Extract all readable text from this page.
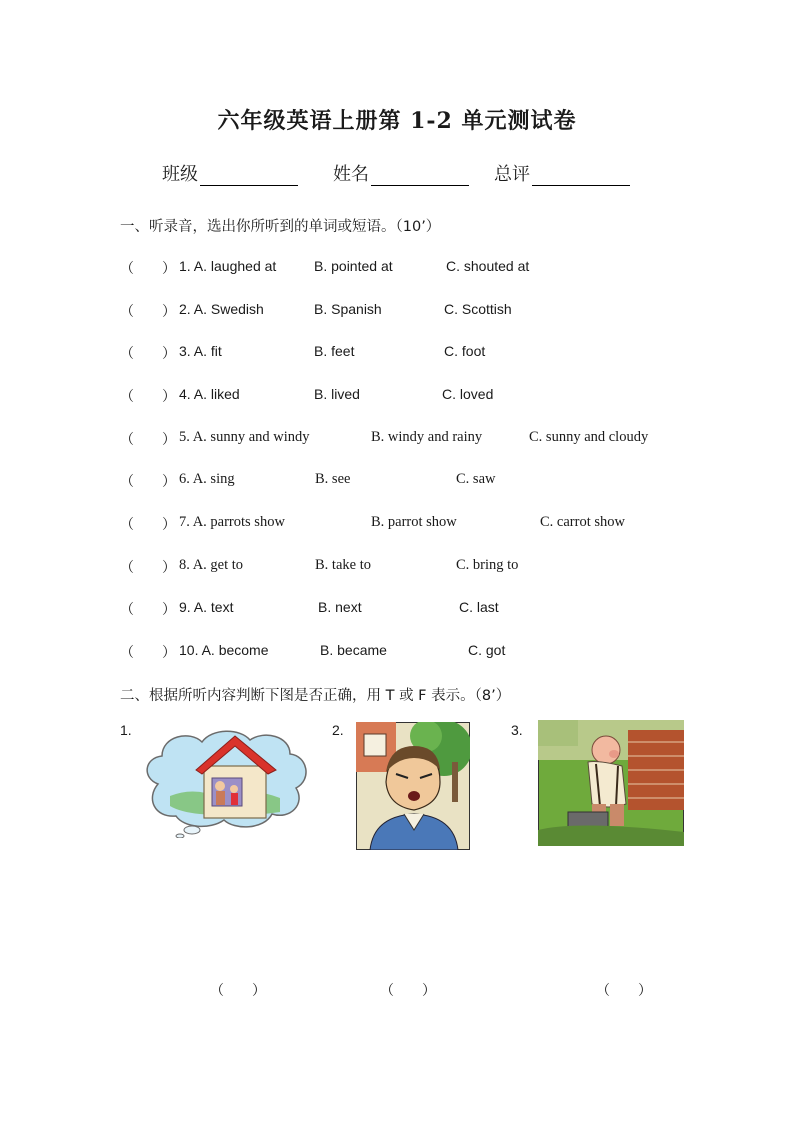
六年级英语上册第 1-2 单元测试卷
班级	姓名	总评
一、听录音，选出你所听到的单词或短语。（10’）
（　　） 1. A. laughed at	B. pointed at	C. shouted at
（　　） 2. A. Swedish	B. Spanish	C. Scottish
（　　） 3. A. fit	B. feet	C. foot
（　　） 4. A. liked	B. lived	C. loved
（　　） 5. A. sunny and windy	B. windy and rainy	C. sunny and cloudy
（　　） 6. A. sing	B. see	C. saw
（　　） 7. A. parrots show	B. parrot show	C. carrot show
（　　） 8. A. get to	B. take to	C. bring to
（　　） 9. A. text	B. next	C. last
（　　） 10. A. become	B. became	C. got
二、根据所听内容判断下图是否正确，用 T 或 F 表示。（8’）
1.	2.	3.
（　　）	（　　）	（　　）
